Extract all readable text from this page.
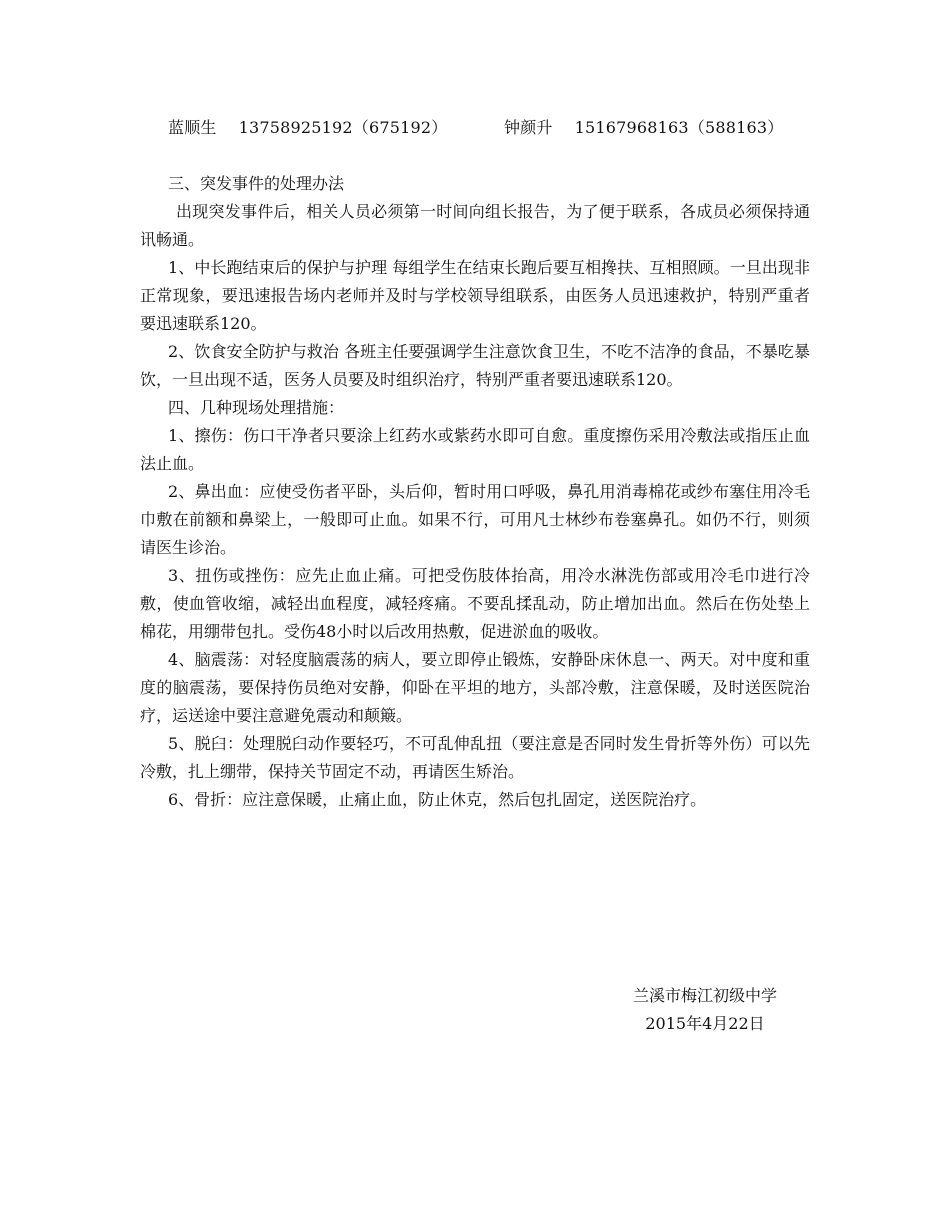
蓝顺生 13758925192（675192）	钟颜升 15167968163（588163）

三、突发事件的处理办法

出现突发事件后，相关人员必须第一时间向组长报告，为了便于联系，各成员必须保持通讯畅通。

1、中长跑结束后的保护与护理 每组学生在结束长跑后要互相搀扶、互相照顾。一旦出现非正常现象，要迅速报告场内老师并及时与学校领导组联系，由医务人员迅速救护，特别严重者要迅速联系120。

2、饮食安全防护与救治 各班主任要强调学生注意饮食卫生，不吃不洁净的食品，不暴吃暴饮，一旦出现不适，医务人员要及时组织治疗，特别严重者要迅速联系120。

四、几种现场处理措施：

1、擦伤：伤口干净者只要涂上红药水或紫药水即可自愈。重度擦伤采用冷敷法或指压止血法止血。

2、鼻出血：应使受伤者平卧，头后仰，暂时用口呼吸，鼻孔用消毒棉花或纱布塞住用冷毛巾敷在前额和鼻梁上，一般即可止血。如果不行，可用凡士林纱布卷塞鼻孔。如仍不行，则须请医生诊治。

3、扭伤或挫伤：应先止血止痛。可把受伤肢体抬高，用冷水淋洗伤部或用冷毛巾进行冷敷，使血管收缩，减轻出血程度，减轻疼痛。不要乱揉乱动，防止增加出血。然后在伤处垫上棉花，用绷带包扎。受伤48小时以后改用热敷，促进淤血的吸收。

4、脑震荡：对轻度脑震荡的病人，要立即停止锻炼，安静卧床休息一、两天。对中度和重度的脑震荡，要保持伤员绝对安静，仰卧在平坦的地方，头部冷敷，注意保暖，及时送医院治疗，运送途中要注意避免震动和颠簸。

5、脱臼：处理脱臼动作要轻巧，不可乱伸乱扭（要注意是否同时发生骨折等外伤）可以先冷敷，扎上绷带，保持关节固定不动，再请医生矫治。

6、骨折：应注意保暖，止痛止血，防止休克，然后包扎固定，送医院治疗。

兰溪市梅江初级中学
2015年4月22日
